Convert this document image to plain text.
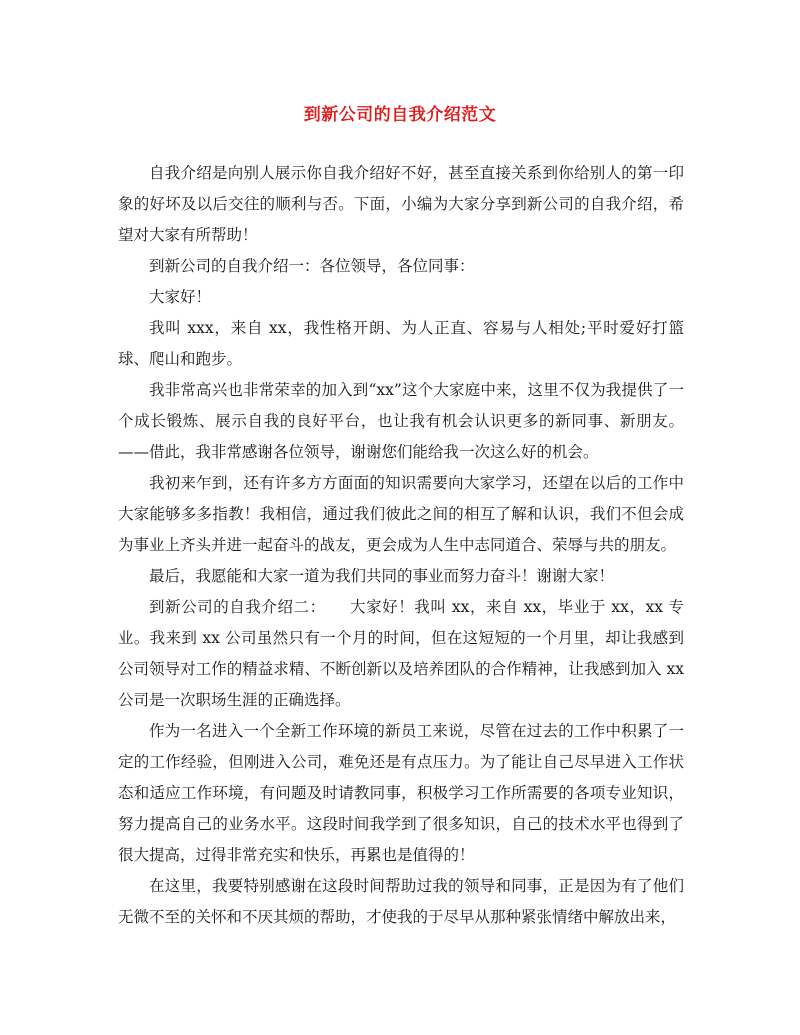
到新公司的自我介绍范文

自我介绍是向别人展示你自我介绍好不好，甚至直接关系到你给别人的第一印象的好坏及以后交往的顺利与否。下面，小编为大家分享到新公司的自我介绍，希望对大家有所帮助！

到新公司的自我介绍一：各位领导，各位同事：

大家好！

我叫 xxx，来自 xx，我性格开朗、为人正直、容易与人相处;平时爱好打篮球、爬山和跑步。

我非常高兴也非常荣幸的加入到“xx”这个大家庭中来，这里不仅为我提供了一个成长锻炼、展示自我的良好平台，也让我有机会认识更多的新同事、新朋友。——借此，我非常感谢各位领导，谢谢您们能给我一次这么好的机会。

我初来乍到，还有许多方方面面的知识需要向大家学习，还望在以后的工作中大家能够多多指教！我相信，通过我们彼此之间的相互了解和认识，我们不但会成为事业上齐头并进一起奋斗的战友，更会成为人生中志同道合、荣辱与共的朋友。

最后，我愿能和大家一道为我们共同的事业而努力奋斗！谢谢大家！

到新公司的自我介绍二：　　大家好！我叫 xx，来自 xx，毕业于 xx，xx 专业。我来到 xx 公司虽然只有一个月的时间，但在这短短的一个月里，却让我感到公司领导对工作的精益求精、不断创新以及培养团队的合作精神，让我感到加入 xx 公司是一次职场生涯的正确选择。

作为一名进入一个全新工作环境的新员工来说，尽管在过去的工作中积累了一定的工作经验，但刚进入公司，难免还是有点压力。为了能让自己尽早进入工作状态和适应工作环境，有问题及时请教同事，积极学习工作所需要的各项专业知识，努力提高自己的业务水平。这段时间我学到了很多知识，自己的技术水平也得到了很大提高，过得非常充实和快乐，再累也是值得的！

在这里，我要特别感谢在这段时间帮助过我的领导和同事，正是因为有了他们无微不至的关怀和不厌其烦的帮助，才使我的于尽早从那种紧张情绪中解放出来，
